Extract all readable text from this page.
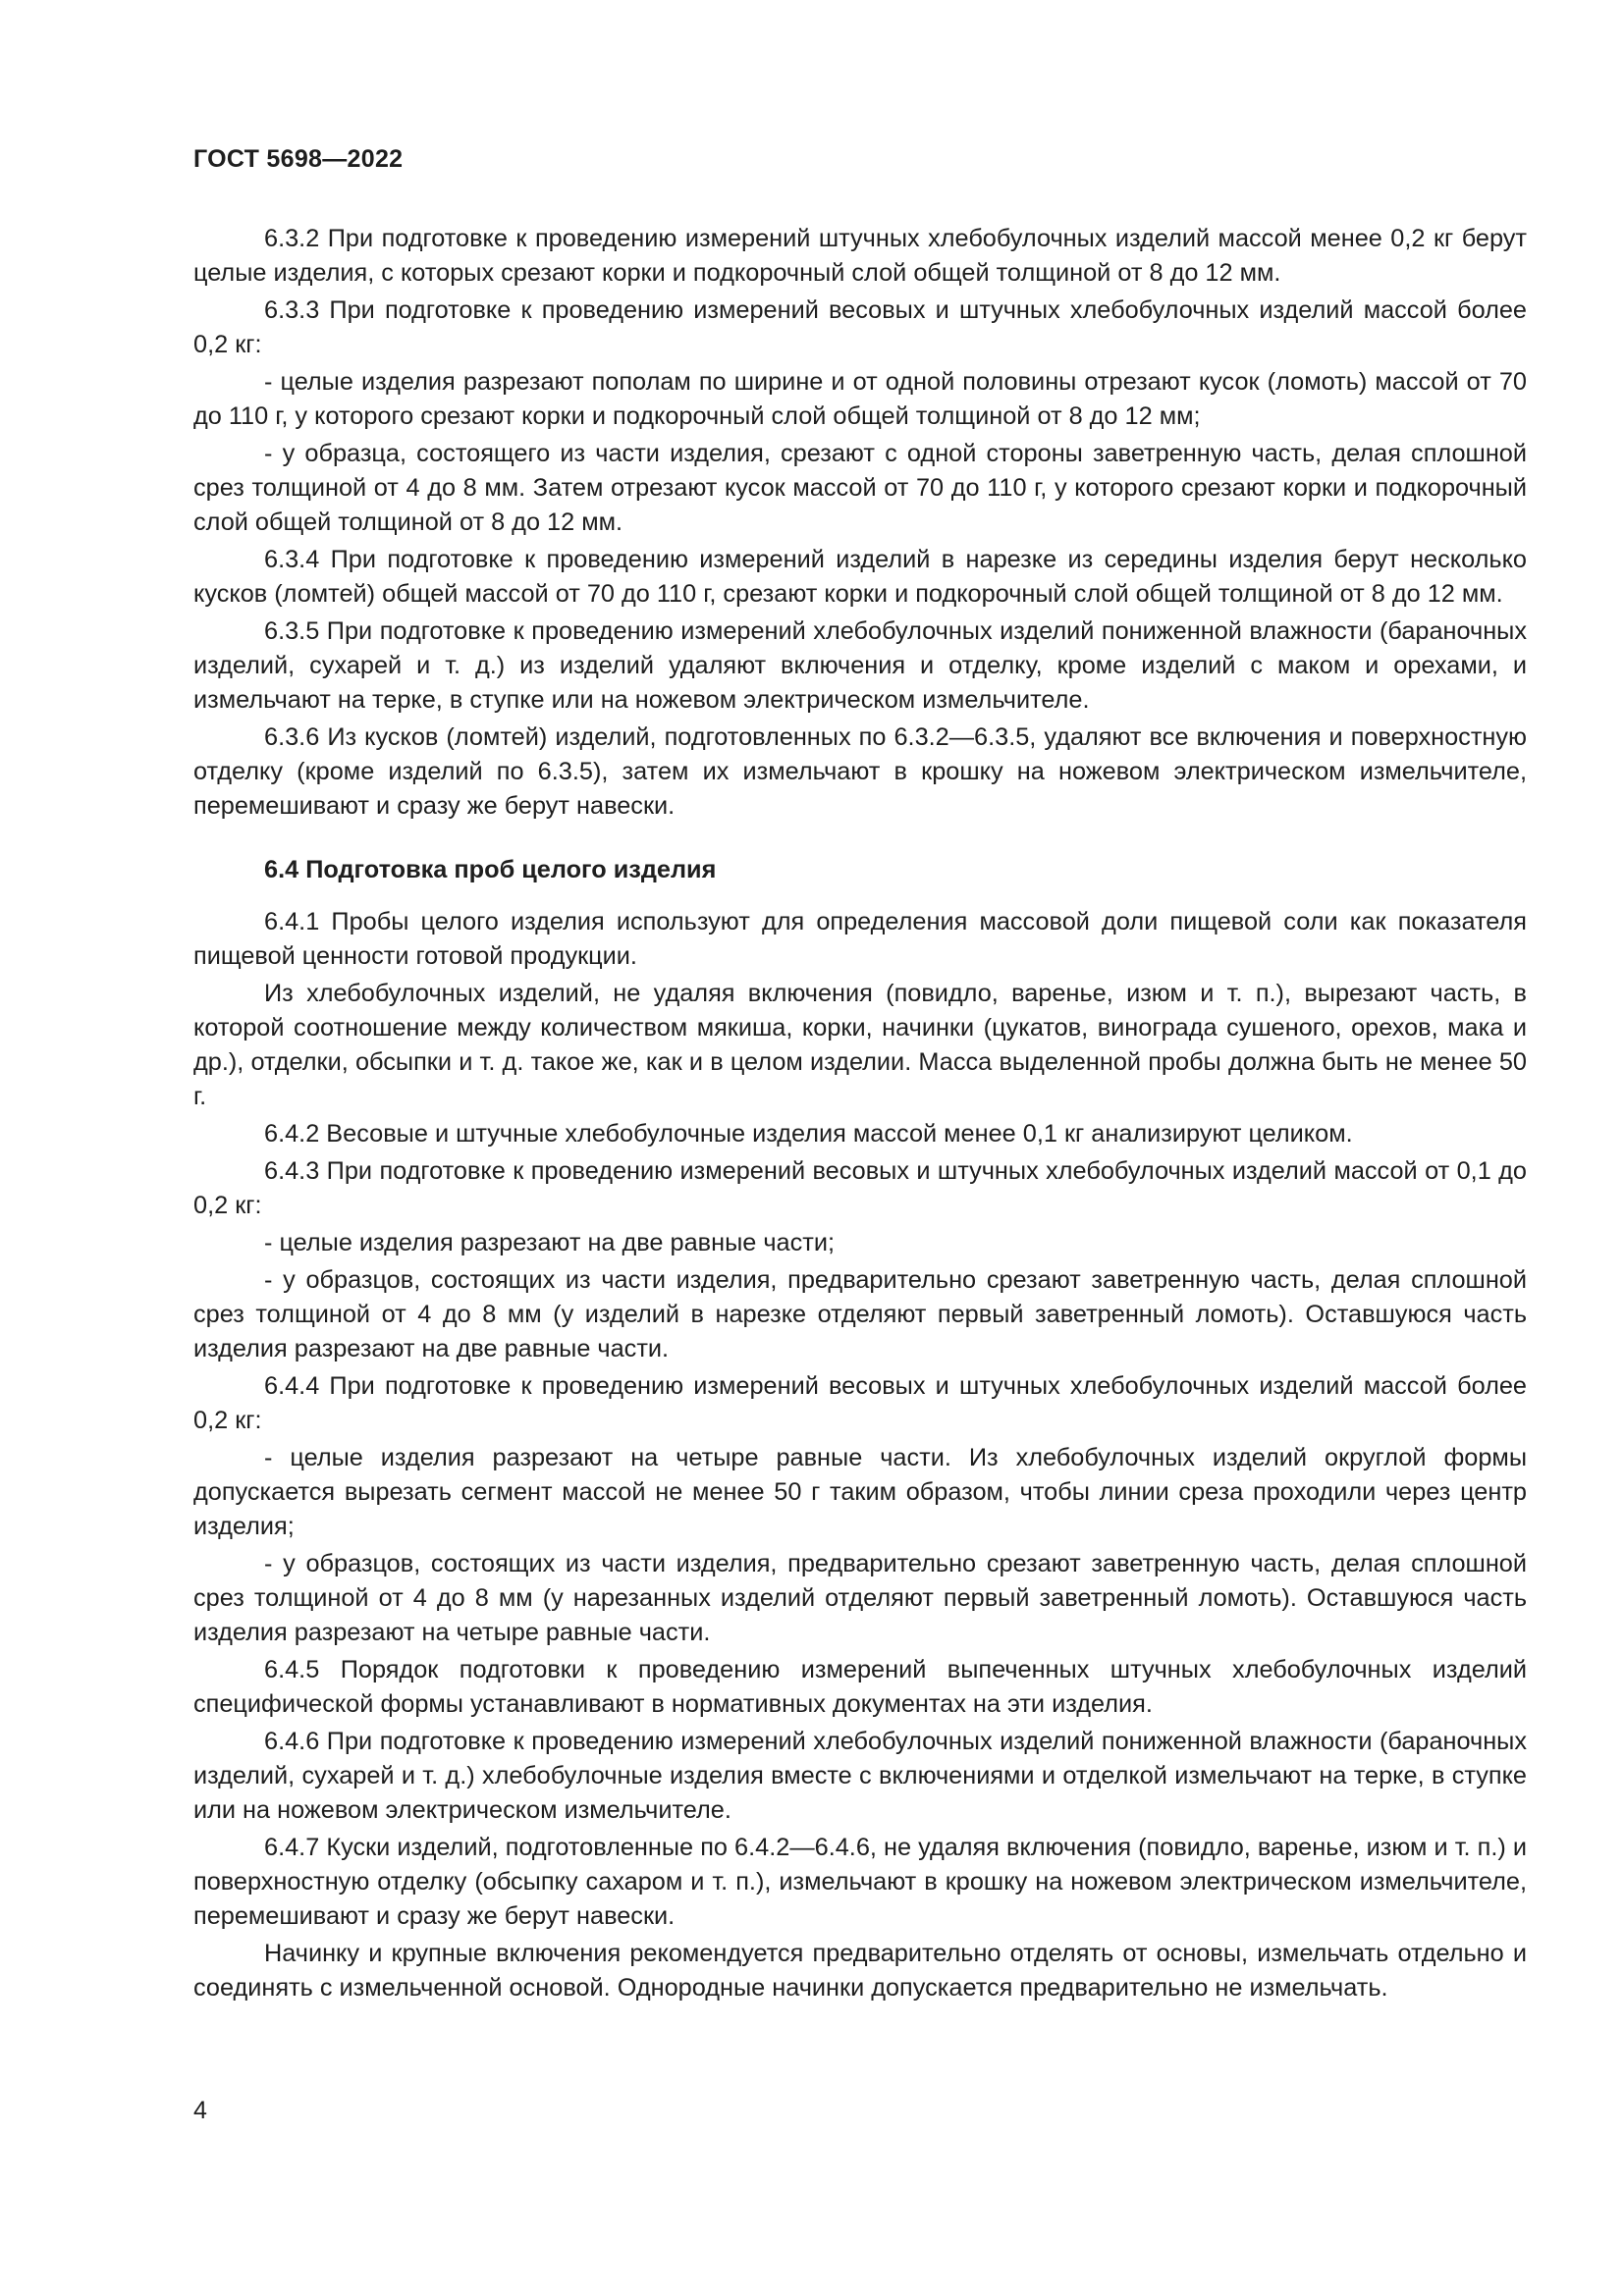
ГОСТ 5698—2022

6.3.2 При подготовке к проведению измерений штучных хлебобулочных изделий массой менее 0,2 кг берут целые изделия, с которых срезают корки и подкорочный слой общей толщиной от 8 до 12 мм.

6.3.3 При подготовке к проведению измерений весовых и штучных хлебобулочных изделий массой более 0,2 кг:

- целые изделия разрезают пополам по ширине и от одной половины отрезают кусок (ломоть) массой от 70 до 110 г, у которого срезают корки и подкорочный слой общей толщиной от 8 до 12 мм;

- у образца, состоящего из части изделия, срезают с одной стороны заветренную часть, делая сплошной срез толщиной от 4 до 8 мм. Затем отрезают кусок массой от 70 до 110 г, у которого срезают корки и подкорочный слой общей толщиной от 8 до 12 мм.

6.3.4 При подготовке к проведению измерений изделий в нарезке из середины изделия берут несколько кусков (ломтей) общей массой от 70 до 110 г, срезают корки и подкорочный слой общей толщиной от 8 до 12 мм.

6.3.5 При подготовке к проведению измерений хлебобулочных изделий пониженной влажности (бараночных изделий, сухарей и т. д.) из изделий удаляют включения и отделку, кроме изделий с маком и орехами, и измельчают на терке, в ступке или на ножевом электрическом измельчителе.

6.3.6 Из кусков (ломтей) изделий, подготовленных по 6.3.2—6.3.5, удаляют все включения и поверхностную отделку (кроме изделий по 6.3.5), затем их измельчают в крошку на ножевом электрическом измельчителе, перемешивают и сразу же берут навески.

6.4 Подготовка проб целого изделия

6.4.1 Пробы целого изделия используют для определения массовой доли пищевой соли как показателя пищевой ценности готовой продукции.

Из хлебобулочных изделий, не удаляя включения (повидло, варенье, изюм и т. п.), вырезают часть, в которой соотношение между количеством мякиша, корки, начинки (цукатов, винограда сушеного, орехов, мака и др.), отделки, обсыпки и т. д. такое же, как и в целом изделии. Масса выделенной пробы должна быть не менее 50 г.

6.4.2 Весовые и штучные хлебобулочные изделия массой менее 0,1 кг анализируют целиком.

6.4.3 При подготовке к проведению измерений весовых и штучных хлебобулочных изделий массой от 0,1 до 0,2 кг:

- целые изделия разрезают на две равные части;

- у образцов, состоящих из части изделия, предварительно срезают заветренную часть, делая сплошной срез толщиной от 4 до 8 мм (у изделий в нарезке отделяют первый заветренный ломоть). Оставшуюся часть изделия разрезают на две равные части.

6.4.4 При подготовке к проведению измерений весовых и штучных хлебобулочных изделий массой более 0,2 кг:

- целые изделия разрезают на четыре равные части. Из хлебобулочных изделий округлой формы допускается вырезать сегмент массой не менее 50 г таким образом, чтобы линии среза проходили через центр изделия;

- у образцов, состоящих из части изделия, предварительно срезают заветренную часть, делая сплошной срез толщиной от 4 до 8 мм (у нарезанных изделий отделяют первый заветренный ломоть). Оставшуюся часть изделия разрезают на четыре равные части.

6.4.5 Порядок подготовки к проведению измерений выпеченных штучных хлебобулочных изделий специфической формы устанавливают в нормативных документах на эти изделия.

6.4.6 При подготовке к проведению измерений хлебобулочных изделий пониженной влажности (бараночных изделий, сухарей и т. д.) хлебобулочные изделия вместе с включениями и отделкой измельчают на терке, в ступке или на ножевом электрическом измельчителе.

6.4.7 Куски изделий, подготовленные по 6.4.2—6.4.6, не удаляя включения (повидло, варенье, изюм и т. п.) и поверхностную отделку (обсыпку сахаром и т. п.), измельчают в крошку на ножевом электрическом измельчителе, перемешивают и сразу же берут навески.

Начинку и крупные включения рекомендуется предварительно отделять от основы, измельчать отдельно и соединять с измельченной основой. Однородные начинки допускается предварительно не измельчать.

4
